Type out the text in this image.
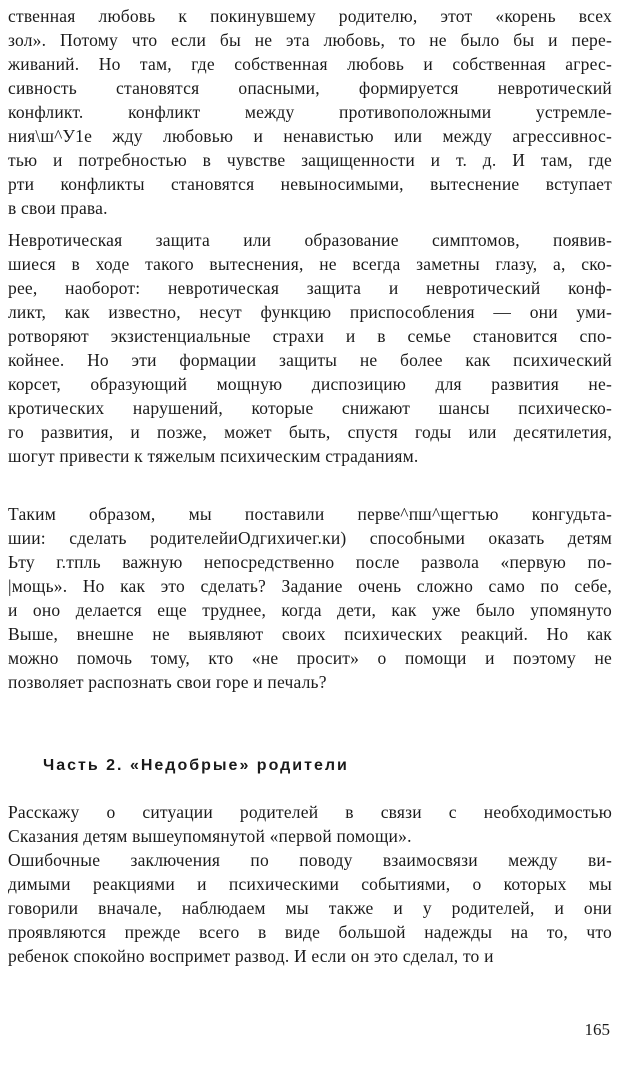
ственная любовь к покинувшему родителю, этот «корень всех
зол». Потому что если бы не эта любовь, то не было бы и пере-
живаний. Но там, где собственная любовь и собственная агрес-
сивность становятся опасными, формируется невротический
конфликт. конфликт между противоположными устремле-
ния\ш^У1е ждy любовью и ненавистью или между агрессивнос-
тью и потребностью в чувстве защищенности и т. д. И там, где
рти конфликты становятся невыносимыми, вытеснение вступает
в свои права.
Невротическая защита или образование симптомов, появив-
шиеся в ходе такого вытеснения, не всегда заметны глазу, а, ско-
рее, наоборот: невротическая защита и невротический конф-
ликт, как известно, несут функцию приспособления — они уми-
ротворяют экзистенциальные страхи и в семье становится спо-
койнее. Но эти формации защиты не более как психический
корсет, образующий мощную диспозицию для развития не-
кротических нарушений, которые снижают шансы психическо-
го развития, и позже, может быть, спустя годы или десятилетия,
шогут привести к тяжелым психическим страданиям.
Таким образом, мы поставили перве^пш^щегтью конгудьта-
шии: сделать родителейиОдгихичег.ки) способными оказать детям
Ьту г.тпль важную непосредственно после развола «первую по-
|мощь». Но как это сделать? Задание очень сложно само по себе,
и оно делается еще труднее, когда дети, как уже было упомянуто
Выше, внешне не выявляют своих психических реакций. Но как
можно помочь тому, кто «не просит» о помощи и поэтому не
позволяет распознать свои горе и печаль?
Расскажу о ситуации родителей в связи с необходимостью
Сказания детям вышеупомянутой «первой помощи».
Ошибочные заключения по поводу взаимосвязи между ви-
димыми реакциями и психическими событиями, о которых мы
говорили вначале, наблюдаем мы также и у родителей, и они
проявляются прежде всего в виде большой надежды на то, что
ребенок спокойно воспримет развод. И если он это сделал, то и
Часть 2. «Недобрые» родители
165
